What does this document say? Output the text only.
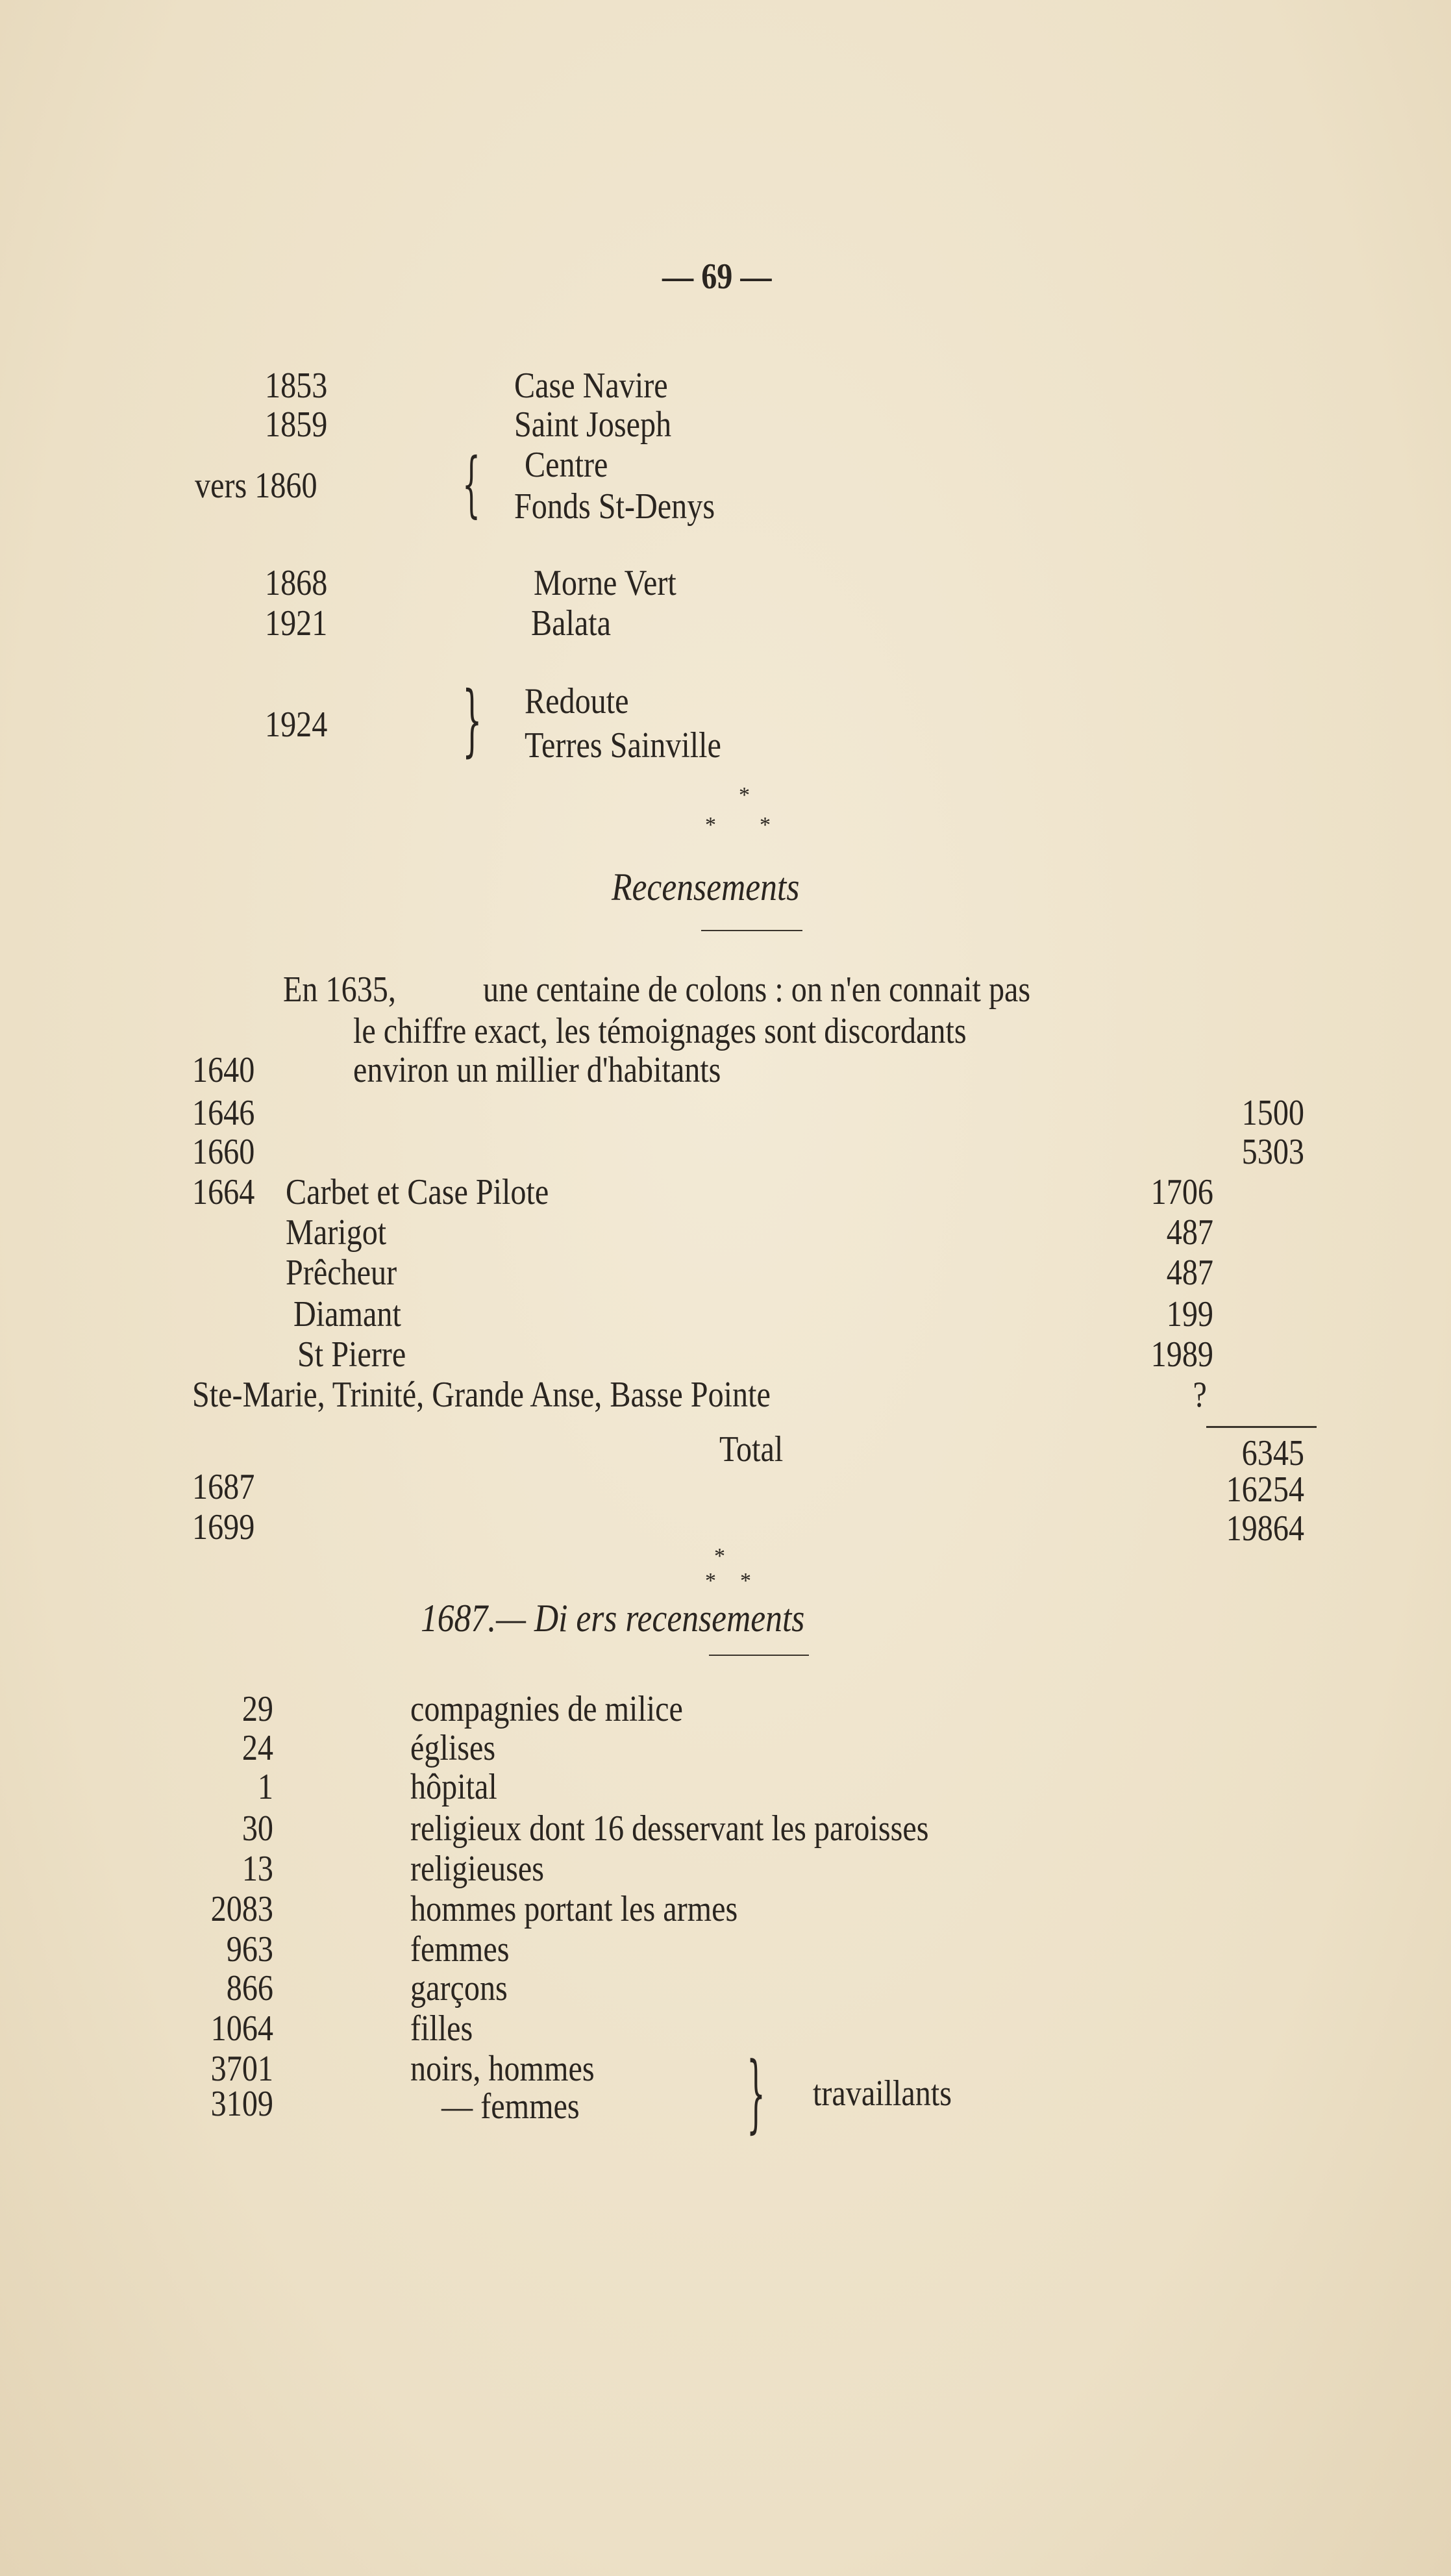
— 69 —
1853	Case Navire
1859	Saint Joseph
vers 1860 { Centre
Fonds St-Denys
1868	Morne Vert
1921	Balata
1924 } Redoute
Terres Sainville
*
* *
Recensements
En 1635, une centaine de colons : on n'en connait pas
le chiffre exact, les témoignages sont discordants
1640	environ un millier d'habitants
1646	1500
1660	5303
1664 Carbet et Case Pilote	1706
Marigot	487
Prêcheur	487
Diamant	199
St Pierre	1989
Ste-Marie, Trinité, Grande Anse, Basse Pointe	?
Total	6345
1687	16254
1699	19864
*
* *
1687.— Di ers recensements
29	compagnies de milice
24	églises
1	hôpital
30	religieux dont 16 desservant les paroisses
13	religieuses
2083	hommes portant les armes
963	femmes
866	garçons
1064	filles
3701	noirs, hommes
3109	— femmes } travaillants
